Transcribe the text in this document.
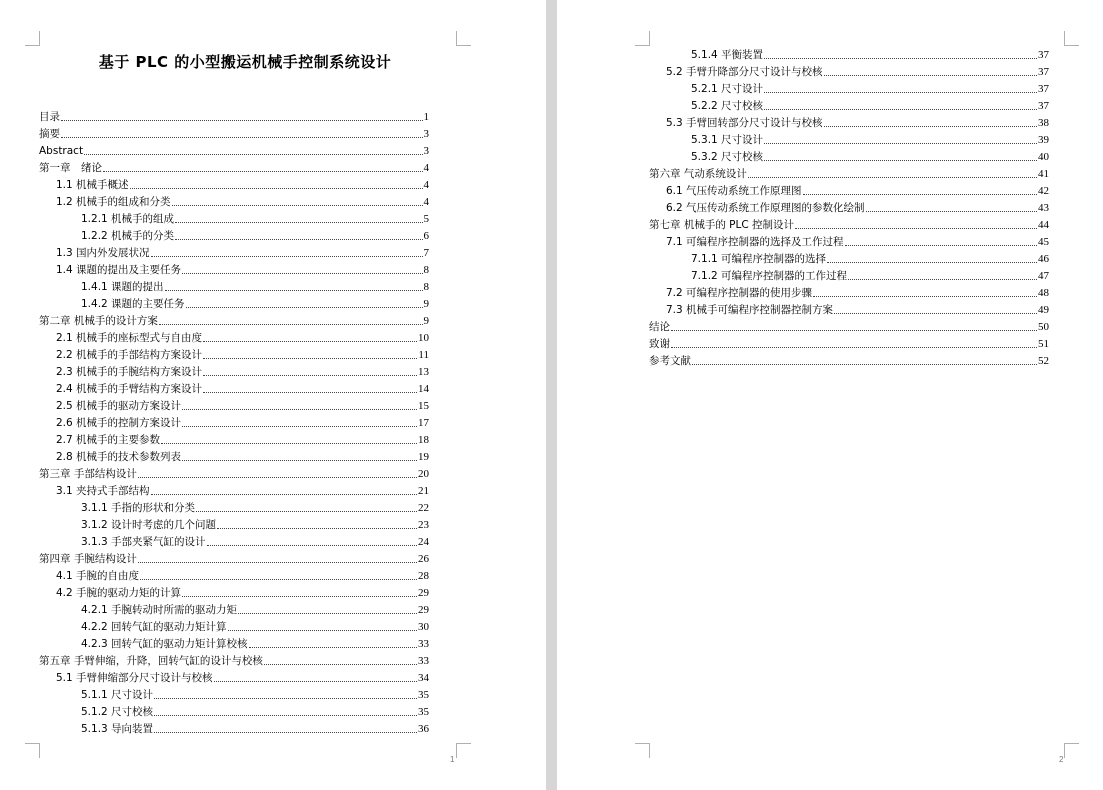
基于 PLC 的小型搬运机械手控制系统设计
目录	1
摘要	3
Abstract	3
第一章　绪论	4
1.1 机械手概述	4
1.2 机械手的组成和分类	4
1.2.1 机械手的组成	5
1.2.2 机械手的分类	6
1.3 国内外发展状况	7
1.4 课题的提出及主要任务	8
1.4.1 课题的提出	8
1.4.2 课题的主要任务	9
第二章 机械手的设计方案	9
2.1 机械手的座标型式与自由度	10
2.2 机械手的手部结构方案设计	11
2.3 机械手的手腕结构方案设计	13
2.4 机械手的手臂结构方案设计	14
2.5 机械手的驱动方案设计	15
2.6 机械手的控制方案设计	17
2.7 机械手的主要参数	18
2.8 机械手的技术参数列表	19
第三章 手部结构设计	20
3.1 夹持式手部结构	21
3.1.1 手指的形状和分类	22
3.1.2 设计时考虑的几个问题	23
3.1.3 手部夹紧气缸的设计	24
第四章 手腕结构设计	26
4.1 手腕的自由度	28
4.2 手腕的驱动力矩的计算	29
4.2.1 手腕转动时所需的驱动力矩	29
4.2.2 回转气缸的驱动力矩计算	30
4.2.3 回转气缸的驱动力矩计算校核	33
第五章 手臂伸缩，升降，回转气缸的设计与校核	33
5.1 手臂伸缩部分尺寸设计与校核	34
5.1.1 尺寸设计	35
5.1.2 尺寸校核	35
5.1.3 导向装置	36
1
5.1.4 平衡装置	37
5.2 手臂升降部分尺寸设计与校核	37
5.2.1 尺寸设计	37
5.2.2 尺寸校核	37
5.3 手臂回转部分尺寸设计与校核	38
5.3.1 尺寸设计	39
5.3.2 尺寸校核	40
第六章 气动系统设计	41
6.1 气压传动系统工作原理图	42
6.2 气压传动系统工作原理图的参数化绘制	43
第七章 机械手的 PLC 控制设计	44
7.1 可编程序控制器的选择及工作过程	45
7.1.1 可编程序控制器的选择	46
7.1.2 可编程序控制器的工作过程	47
7.2 可编程序控制器的使用步骤	48
7.3 机械手可编程序控制器控制方案	49
结论	50
致谢	51
参考文献	52
2
